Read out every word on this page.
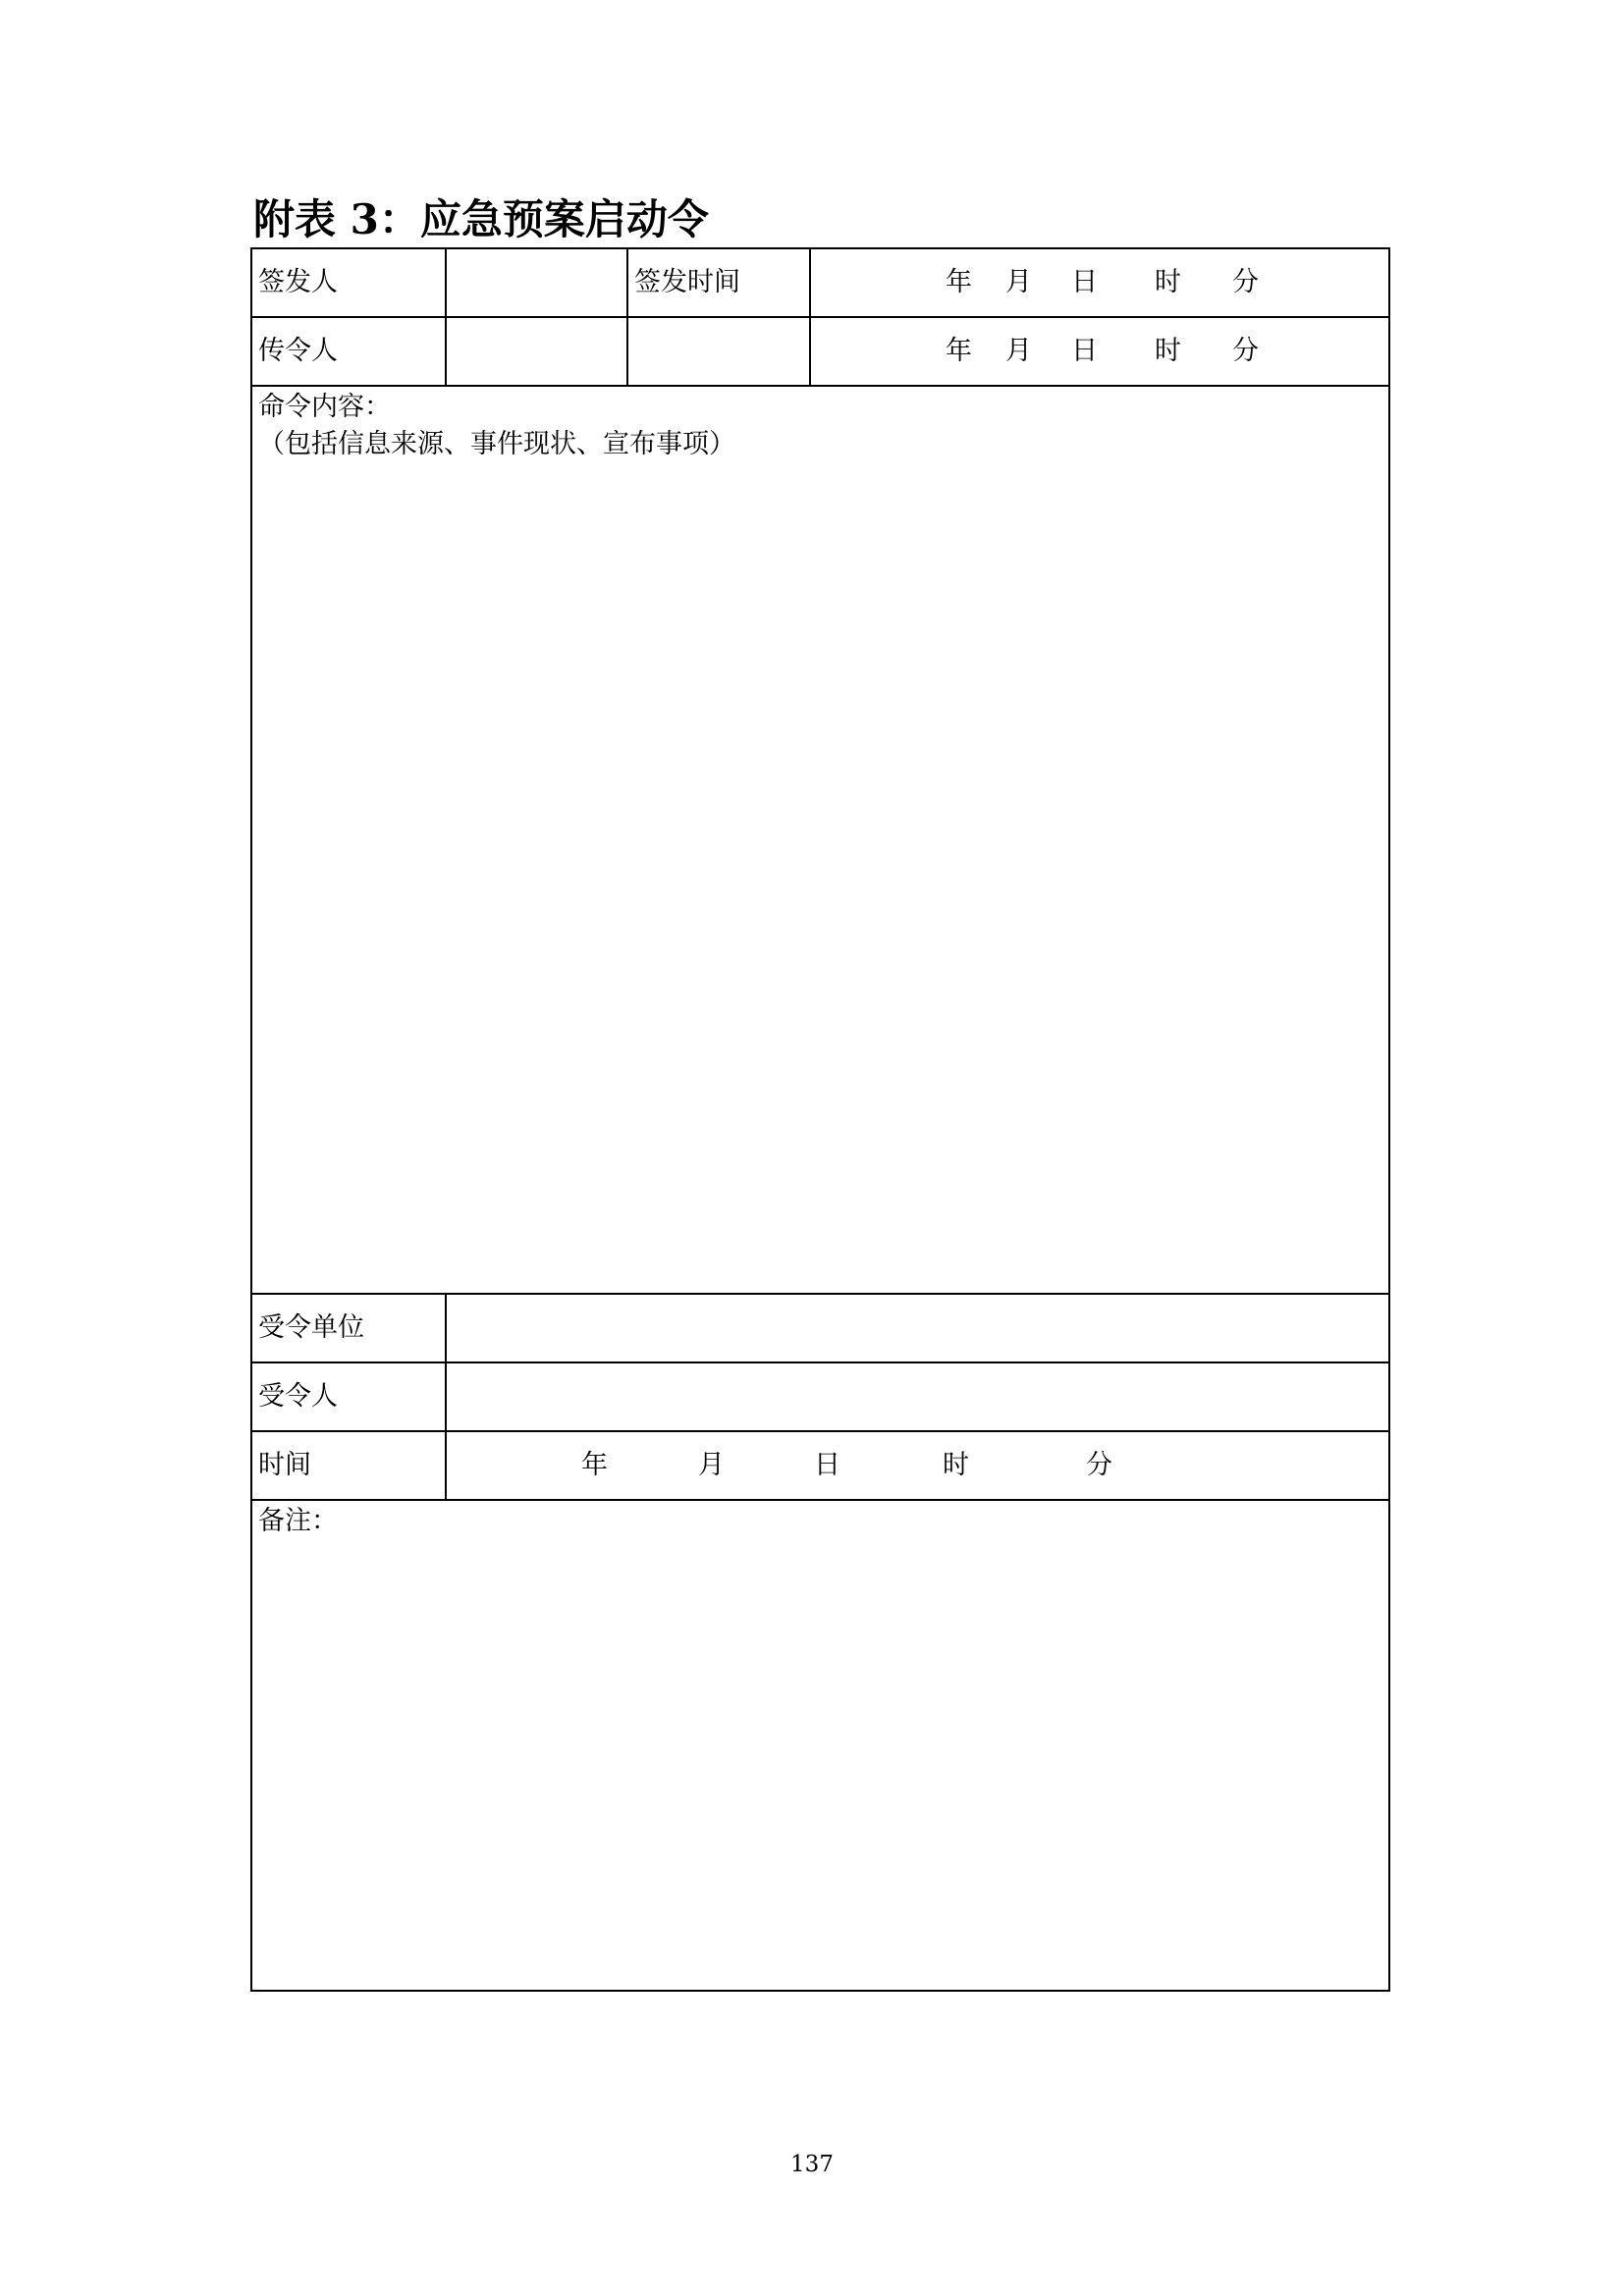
附表 3：应急预案启动令
签发人		签发时间	年 月 日 时 分

传令人			年 月 日 时 分

命令内容：
（包括信息来源、事件现状、宣布事项）			

受令单位			
受令人			
时间	年 月 日 时 分		

备注：			
137
